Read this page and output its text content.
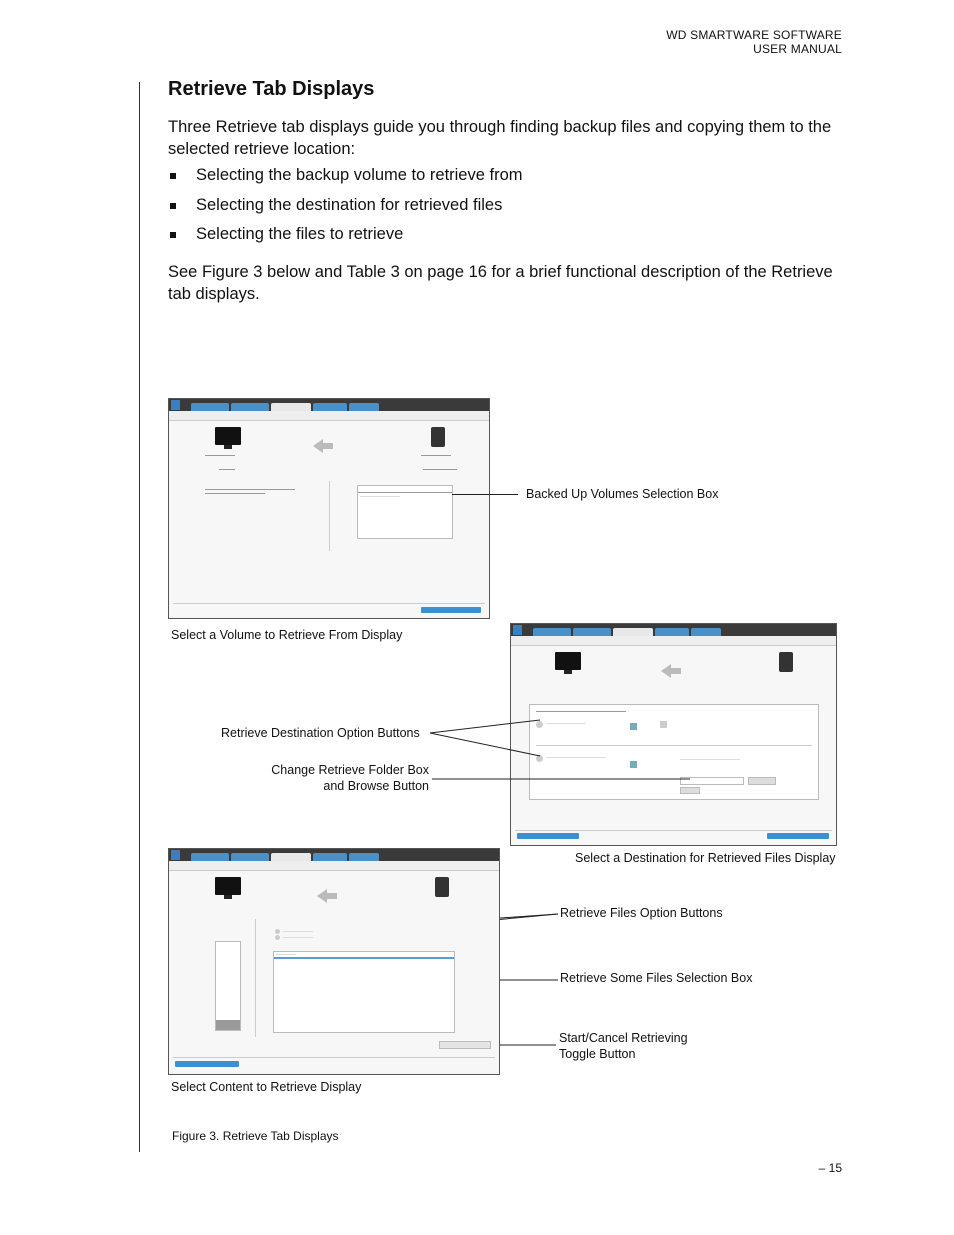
WD SMARTWARE SOFTWARE
USER MANUAL
Retrieve Tab Displays

Three Retrieve tab displays guide you through finding backup files and copying them to the selected retrieve location:

Selecting the backup volume to retrieve from
Selecting the destination for retrieved files
Selecting the files to retrieve

See Figure 3 below and Table 3 on page 16 for a brief functional description of the Retrieve tab displays.

Backed Up Volumes Selection Box
Select a Volume to Retrieve From Display
Retrieve Destination Option Buttons
Change Retrieve Folder Box
and Browse Button
Select a Destination for Retrieved Files Display
Retrieve Files Option Buttons
Retrieve Some Files Selection Box
Start/Cancel Retrieving
Toggle Button
Select Content to Retrieve Display
Figure 3. Retrieve Tab Displays
– 15
